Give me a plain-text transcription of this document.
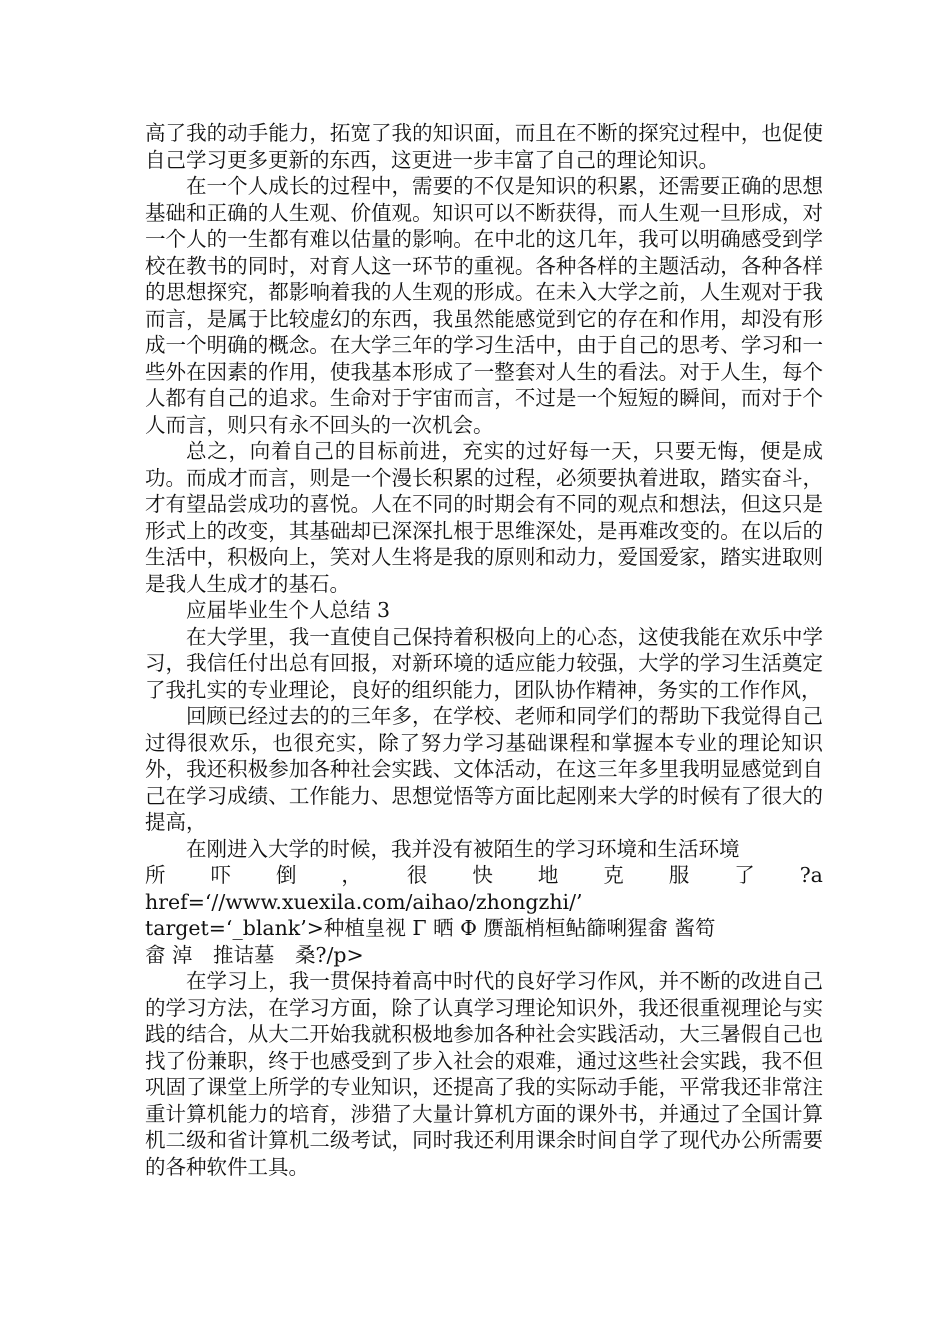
高了我的动手能力，拓宽了我的知识面，而且在不断的探究过程中，也促使自己学习更多更新的东西，这更进一步丰富了自己的理论知识。

在一个人成长的过程中，需要的不仅是知识的积累，还需要正确的思想基础和正确的人生观、价值观。知识可以不断获得，而人生观一旦形成，对一个人的一生都有难以估量的影响。在中北的这几年，我可以明确感受到学校在教书的同时，对育人这一环节的重视。各种各样的主题活动，各种各样的思想探究，都影响着我的人生观的形成。在未入大学之前，人生观对于我而言，是属于比较虚幻的东西，我虽然能感觉到它的存在和作用，却没有形成一个明确的概念。在大学三年的学习生活中，由于自己的思考、学习和一些外在因素的作用，使我基本形成了一整套对人生的看法。对于人生，每个人都有自己的追求。生命对于宇宙而言，不过是一个短短的瞬间，而对于个人而言，则只有永不回头的一次机会。

总之，向着自己的目标前进，充实的过好每一天，只要无悔，便是成功。而成才而言，则是一个漫长积累的过程，必须要执着进取，踏实奋斗，才有望品尝成功的喜悦。人在不同的时期会有不同的观点和想法，但这只是形式上的改变，其基础却已深深扎根于思维深处，是再难改变的。在以后的生活中，积极向上，笑对人生将是我的原则和动力，爱国爱家，踏实进取则是我人生成才的基石。

应届毕业生个人总结 3

在大学里，我一直使自己保持着积极向上的心态，这使我能在欢乐中学习，我信任付出总有回报，对新环境的适应能力较强，大学的学习生活奠定了我扎实的专业理论，良好的组织能力，团队协作精神，务实的工作作风，

回顾已经过去的的三年多，在学校、老师和同学们的帮助下我觉得自己过得很欢乐，也很充实，除了努力学习基础课程和掌握本专业的理论知识外，我还积极参加各种社会实践、文体活动，在这三年多里我明显感觉到自己在学习成绩、工作能力、思想觉悟等方面比起刚来大学的时候有了很大的提高，

在刚进入大学的时候，我并没有被陌生的学习环境和生活环境

所 吓 倒 ， 很 快 地 克 服 了 ?a

href=‘//www.xuexila.com/aihao/zhongzhi/’

target=‘_blank’>种植皇视 Γ 晒 Φ 赝瓿梢桓鲇篩唎猩畲 酱笱

畲 淖　推诘墓　桑?/p>

在学习上，我一贯保持着高中时代的良好学习作风，并不断的改进自己的学习方法，在学习方面，除了认真学习理论知识外，我还很重视理论与实践的结合，从大二开始我就积极地参加各种社会实践活动，大三暑假自己也找了份兼职，终于也感受到了步入社会的艰难，通过这些社会实践，我不但巩固了课堂上所学的专业知识，还提高了我的实际动手能，平常我还非常注重计算机能力的培育，涉猎了大量计算机方面的课外书，并通过了全国计算机二级和省计算机二级考试，同时我还利用课余时间自学了现代办公所需要的各种软件工具。
